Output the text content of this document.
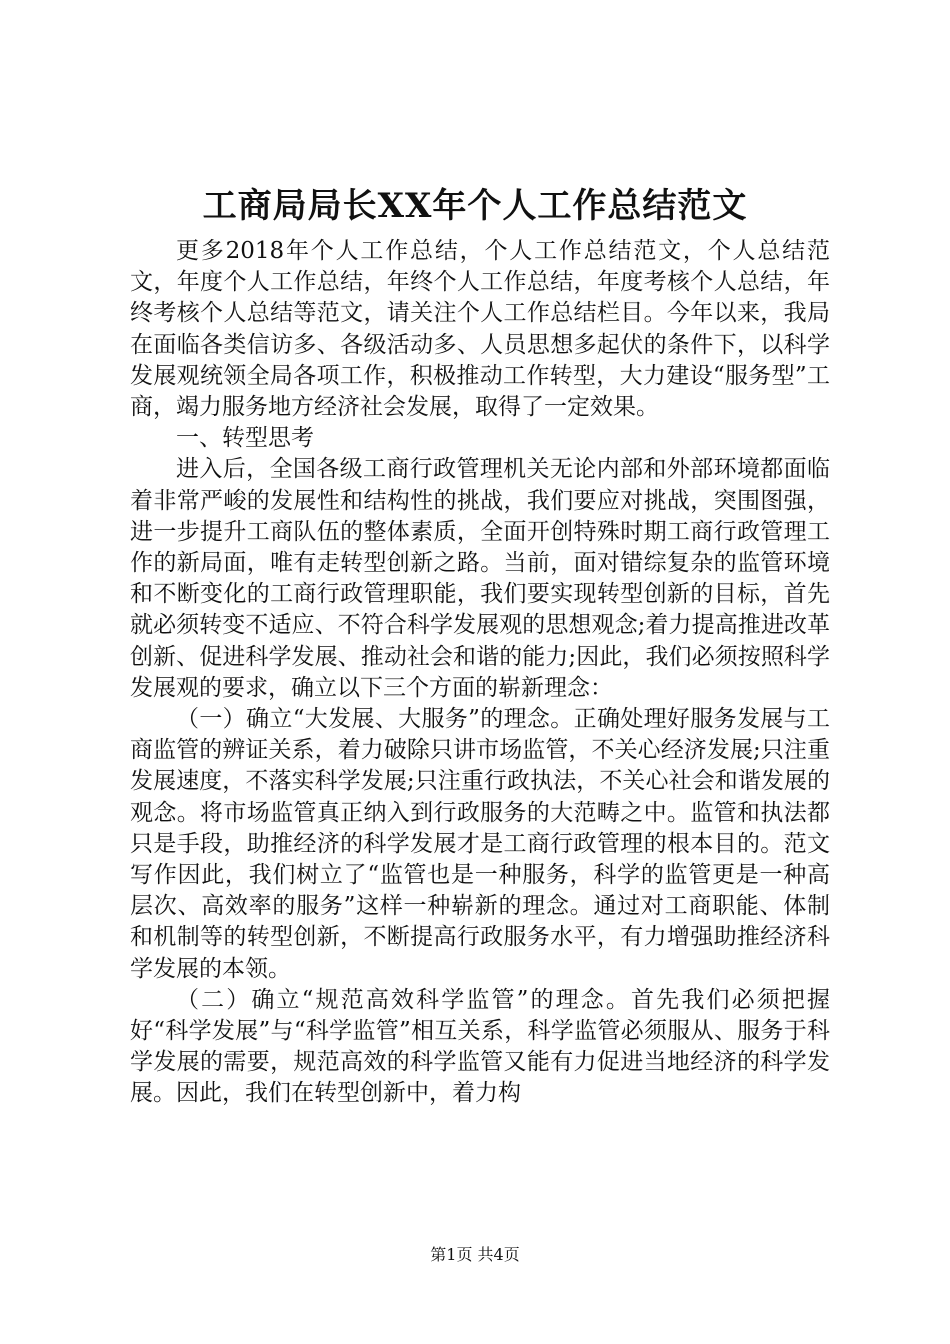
工商局局长XX年个人工作总结范文

更多2018年个人工作总结，个人工作总结范文，个人总结范文，年度个人工作总结，年终个人工作总结，年度考核个人总结，年终考核个人总结等范文，请关注个人工作总结栏目。今年以来，我局在面临各类信访多、各级活动多、人员思想多起伏的条件下，以科学发展观统领全局各项工作，积极推动工作转型，大力建设“服务型”工商，竭力服务地方经济社会发展，取得了一定效果。

一、转型思考

进入后，全国各级工商行政管理机关无论内部和外部环境都面临着非常严峻的发展性和结构性的挑战，我们要应对挑战，突围图强，进一步提升工商队伍的整体素质，全面开创特殊时期工商行政管理工作的新局面，唯有走转型创新之路。当前，面对错综复杂的监管环境和不断变化的工商行政管理职能，我们要实现转型创新的目标，首先就必须转变不适应、不符合科学发展观的思想观念;着力提高推进改革创新、促进科学发展、推动社会和谐的能力;因此，我们必须按照科学发展观的要求，确立以下三个方面的崭新理念：

（一）确立“大发展、大服务”的理念。正确处理好服务发展与工商监管的辨证关系，着力破除只讲市场监管，不关心经济发展;只注重发展速度，不落实科学发展;只注重行政执法，不关心社会和谐发展的观念。将市场监管真正纳入到行政服务的大范畴之中。监管和执法都只是手段，助推经济的科学发展才是工商行政管理的根本目的。范文写作因此，我们树立了“监管也是一种服务，科学的监管更是一种高层次、高效率的服务”这样一种崭新的理念。通过对工商职能、体制和机制等的转型创新，不断提高行政服务水平，有力增强助推经济科学发展的本领。

（二）确立“规范高效科学监管”的理念。首先我们必须把握好“科学发展”与“科学监管”相互关系，科学监管必须服从、服务于科学发展的需要，规范高效的科学监管又能有力促进当地经济的科学发展。因此，我们在转型创新中，着力构

第1页 共4页
